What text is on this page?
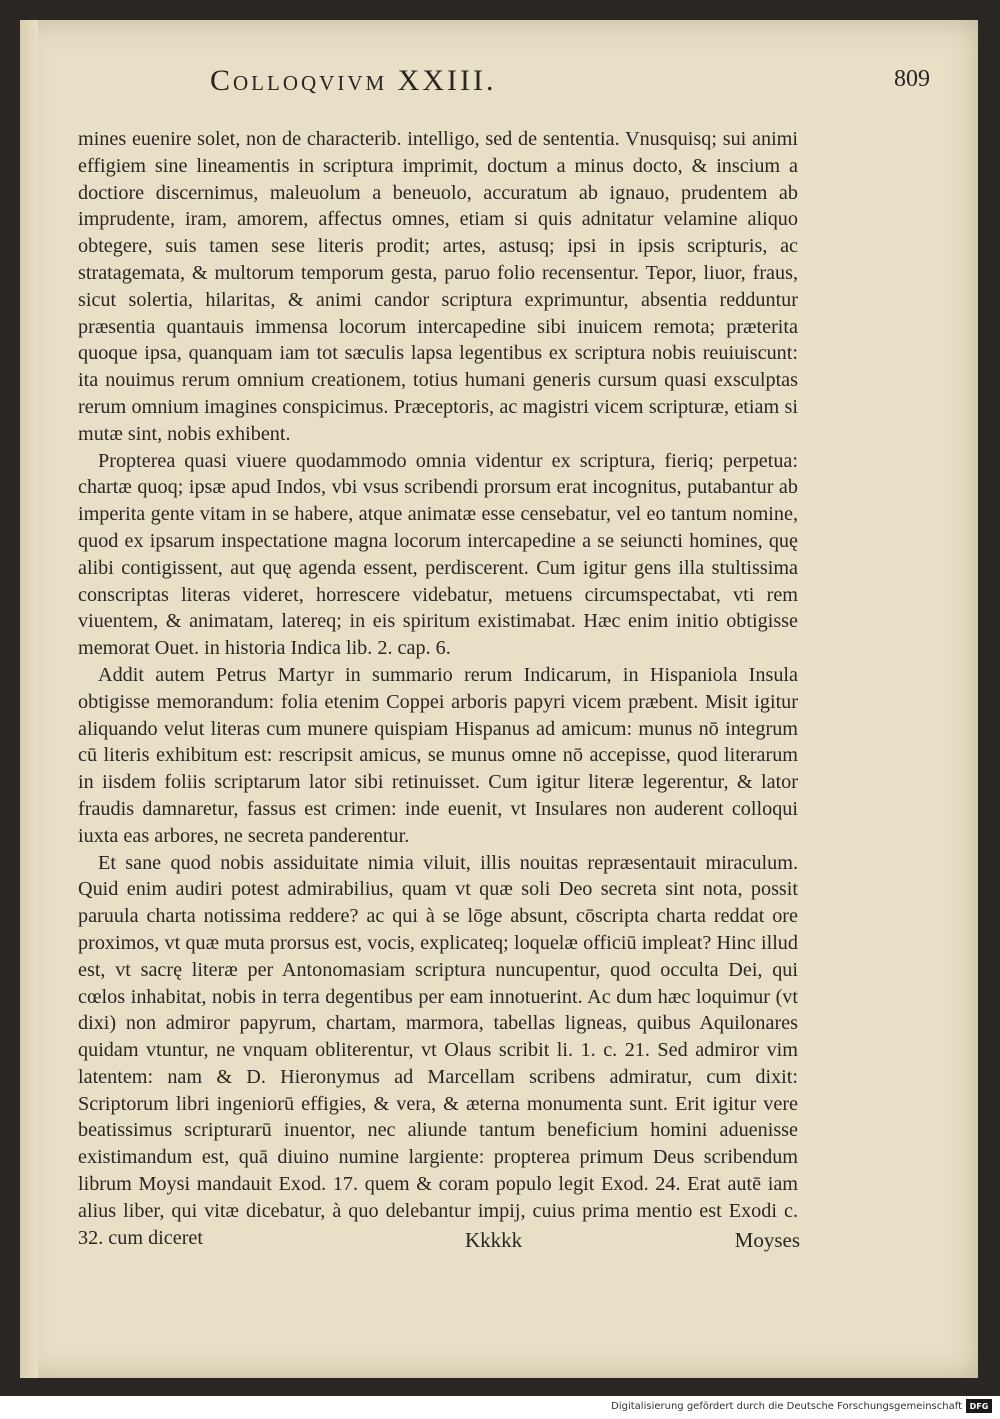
Colloqvivm XXIII.	809

mines euenire solet, non de characterib. intelligo, sed de sententia. Vnusquisq; sui animi effigiem sine lineamentis in scriptura imprimit, doctum a minus docto, & inscium a doctiore discernimus, maleuolum a beneuolo, accuratum ab ignauo, prudentem ab imprudente, iram, amorem, affectus omnes, etiam si quis adnitatur velamine aliquo obtegere, suis tamen sese literis prodit; artes, astusq; ipsi in ipsis scripturis, ac stratagemata, & multorum temporum gesta, paruo folio recensentur. Tepor, liuor, fraus, sicut solertia, hilaritas, & animi candor scriptura exprimuntur, absentia redduntur præsentia quantauis immensa locorum intercapedine sibi inuicem remota; præterita quoque ipsa, quanquam iam tot sæculis lapsa legentibus ex scriptura nobis reuiuiscunt: ita nouimus rerum omnium creationem, totius humani generis cursum quasi exsculptas rerum omnium imagines conspicimus. Præceptoris, ac magistri vicem scripturæ, etiam si mutæ sint, nobis exhibent.

Propterea quasi viuere quodammodo omnia videntur ex scriptura, fieriq; perpetua: chartæ quoq; ipsæ apud Indos, vbi vsus scribendi prorsum erat incognitus, putabantur ab imperita gente vitam in se habere, atque animatæ esse censebatur, vel eo tantum nomine, quod ex ipsarum inspectatione magna locorum intercapedine a se seiuncti homines, quę alibi contigissent, aut quę agenda essent, perdiscerent. Cum igitur gens illa stultissima conscriptas literas videret, horrescere videbatur, metuens circumspectabat, vti rem viuentem, & animatam, latereq; in eis spiritum existimabat. Hæc enim initio obtigisse memorat Ouet. in historia Indica lib. 2. cap. 6.

Addit autem Petrus Martyr in summario rerum Indicarum, in Hispaniola Insula obtigisse memorandum: folia etenim Coppei arboris papyri vicem præbent. Misit igitur aliquando velut literas cum munere quispiam Hispanus ad amicum: munus nō integrum cū literis exhibitum est: rescripsit amicus, se munus omne nō accepisse, quod literarum in iisdem foliis scriptarum lator sibi retinuisset. Cum igitur literæ legerentur, & lator fraudis damnaretur, fassus est crimen: inde euenit, vt Insulares non auderent colloqui iuxta eas arbores, ne secreta panderentur.

Et sane quod nobis assiduitate nimia viluit, illis nouitas repræsentauit miraculum. Quid enim audiri potest admirabilius, quam vt quæ soli Deo secreta sint nota, possit paruula charta notissima reddere? ac qui à se lōge absunt, cōscripta charta reddat ore proximos, vt quæ muta prorsus est, vocis, explicateq; loquelæ officiū impleat? Hinc illud est, vt sacrę literæ per Antonomasiam scriptura nuncupentur, quod occulta Dei, qui cœlos inhabitat, nobis in terra degentibus per eam innotuerint. Ac dum hæc loquimur (vt dixi) non admiror papyrum, chartam, marmora, tabellas ligneas, quibus Aquilonares quidam vtuntur, ne vnquam obliterentur, vt Olaus scribit li. 1. c. 21. Sed admiror vim latentem: nam & D. Hieronymus ad Marcellam scribens admiratur, cum dixit: Scriptorum libri ingeniorū effigies, & vera, & æterna monumenta sunt. Erit igitur vere beatissimus scripturarū inuentor, nec aliunde tantum beneficium homini aduenisse existimandum est, quā diuino numine largiente: propterea primum Deus scribendum librum Moysi mandauit Exod. 17. quem & coram populo legit Exod. 24. Erat autē iam alius liber, qui vitæ dicebatur, à quo delebantur impij, cuius prima mentio est Exodi c. 32. cum diceret	Kkkkk	Moyses
Digitalisierung gefördert durch die Deutsche Forschungsgemeinschaft DFG
